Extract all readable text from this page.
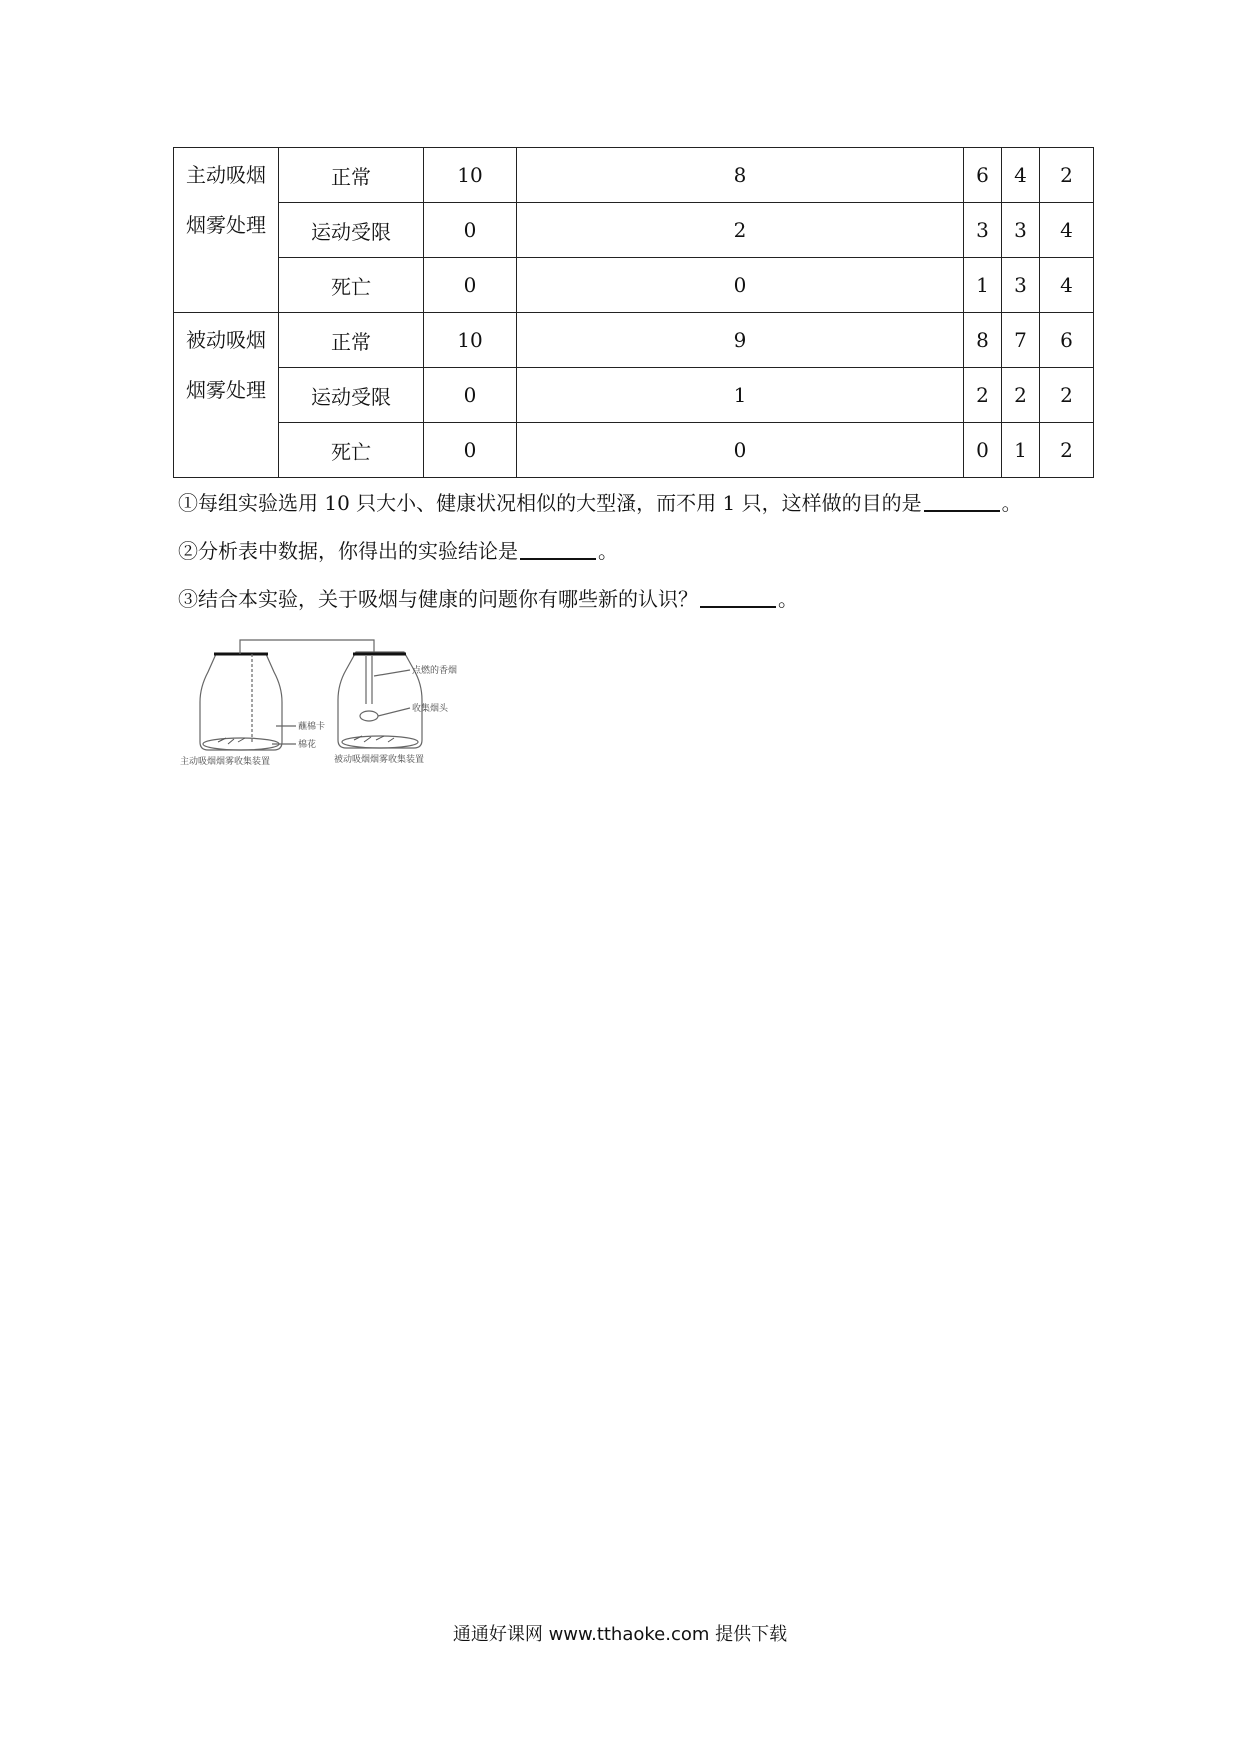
主动吸烟
烟雾处理	正常	10	8	6	4	2
	运动受限	0	2	3	3	4
	死亡	0	0	1	3	4

被动吸烟
烟雾处理	正常	10	9	8	7	6
	运动受限	0	1	2	2	2
	死亡	0	0	0	1	2
①每组实验选用 10 只大小、健康状况相似的大型溞，而不用 1 只，这样做的目的是	。
②分析表中数据，你得出的实验结论是	。
③结合本实验，关于吸烟与健康的问题你有哪些新的认识？	。
蘸棉卡
棉花
点燃的香烟
收集烟头
主动吸烟烟雾收集装置	被动吸烟烟雾收集装置
通通好课网 www.tthaoke.com 提供下载
